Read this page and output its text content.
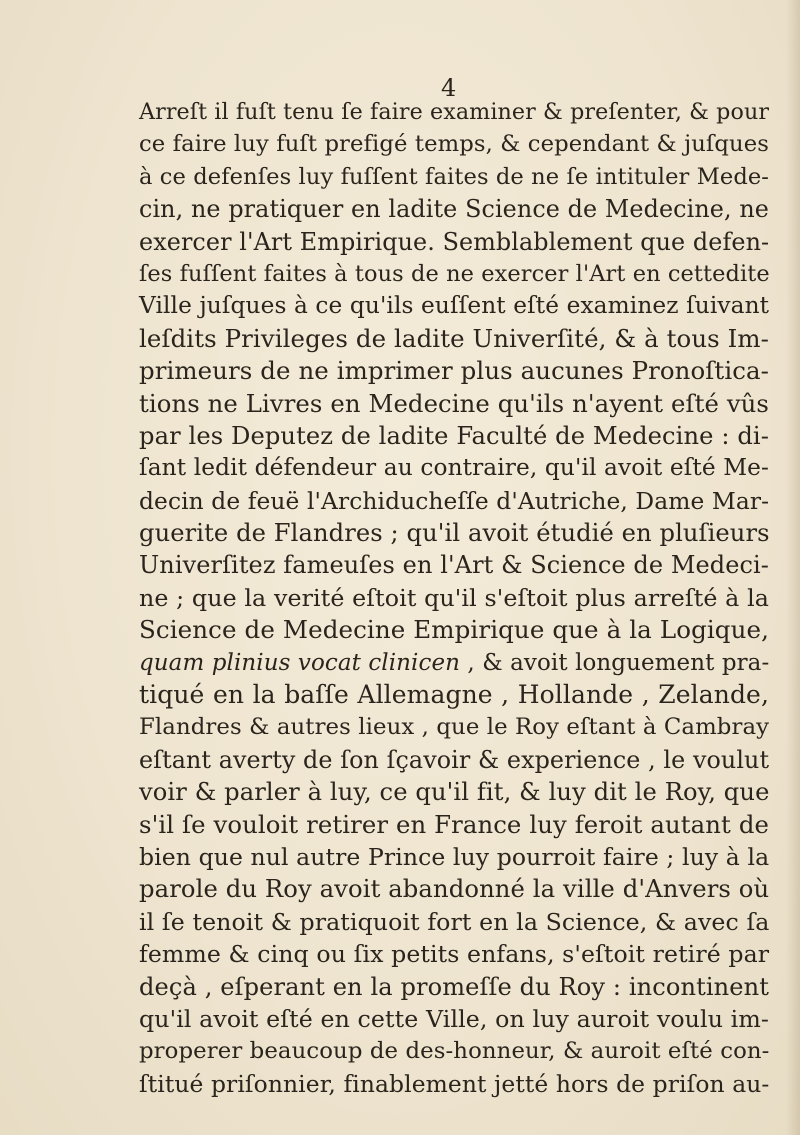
4

Arreſt il fuſt tenu ſe faire examiner & preſenter, & pour
ce faire luy fuſt prefigé temps, & cependant & juſques
à ce defenſes luy fuſſent faites de ne ſe intituler Mede-
cin, ne pratiquer en ladite Science de Medecine, ne
exercer l'Art Empirique. Semblablement que defen-
ſes fuſſent faites à tous de ne exercer l'Art en cettedite
Ville juſques à ce qu'ils euſſent eſté examinez ſuivant
leſdits Privileges de ladite Univerſité, & à tous Im-
primeurs de ne imprimer plus aucunes Pronoſtica-
tions ne Livres en Medecine qu'ils n'ayent eſté vûs
par les Deputez de ladite Faculté de Medecine : di-
ſant ledit défendeur au contraire, qu'il avoit eſté Me-
decin de feuë l'Archiducheſſe d'Autriche, Dame Mar-
guerite de Flandres ; qu'il avoit étudié en pluſieurs
Univerſitez fameuſes en l'Art & Science de Medeci-
ne ; que la verité eſtoit qu'il s'eſtoit plus arreſté à la
Science de Medecine Empirique que à la Logique,
quam plinius vocat clinicen , & avoit longuement pra-
tiqué en la baſſe Allemagne , Hollande , Zelande,
Flandres & autres lieux , que le Roy eſtant à Cambray
eſtant averty de ſon ſçavoir & experience , le voulut
voir & parler à luy, ce qu'il fit, & luy dit le Roy, que
s'il ſe vouloit retirer en France luy feroit autant de
bien que nul autre Prince luy pourroit faire ; luy à la
parole du Roy avoit abandonné la ville d'Anvers où
il ſe tenoit & pratiquoit fort en la Science, & avec ſa
femme & cinq ou ſix petits enfans, s'eſtoit retiré par
deçà , eſperant en la promeſſe du Roy : incontinent
qu'il avoit eſté en cette Ville, on luy auroit voulu im-
properer beaucoup de des-honneur, & auroit eſté con-
ſtitué priſonnier, finablement jetté hors de priſon au-
